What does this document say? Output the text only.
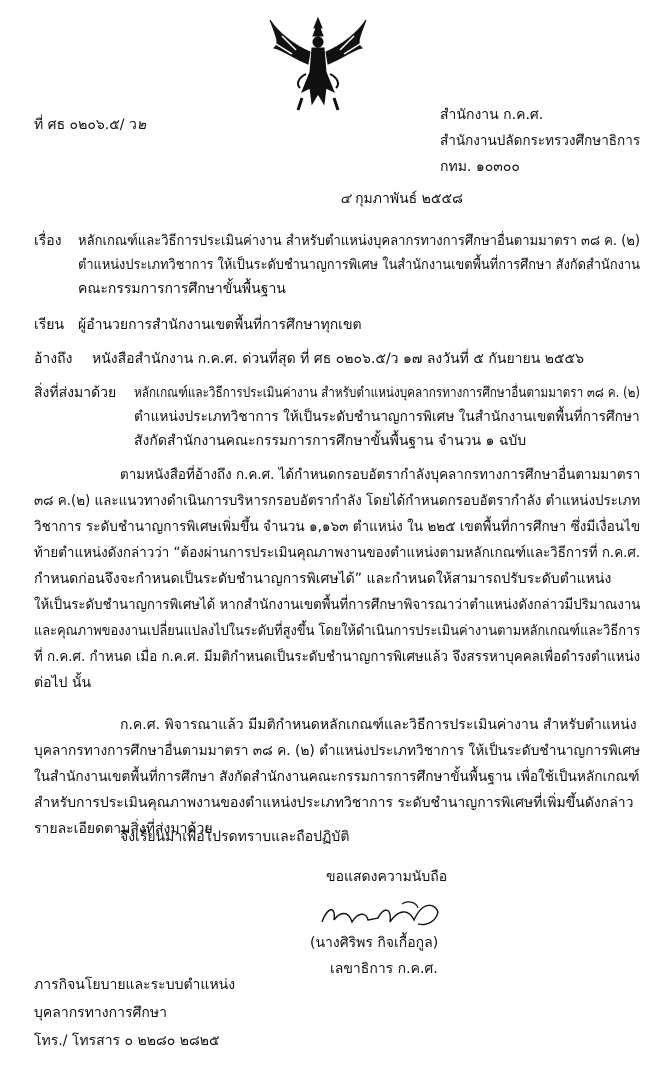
ที่ ศธ ๐๒๐๖.๕/ ว๒
สำนักงาน ก.ค.ศ.
สำนักงานปลัดกระทรวงศึกษาธิการ
กทม. ๑๐๓๐๐
๔ กุมภาพันธ์ ๒๕๕๘
เรื่อง หลักเกณฑ์และวิธีการประเมินค่างาน สำหรับตำแหน่งบุคลากรทางการศึกษาอื่นตามมาตรา ๓๘ ค. (๒)
ตำแหน่งประเภทวิชาการ ให้เป็นระดับชำนาญการพิเศษ ในสำนักงานเขตพื้นที่การศึกษา สังกัดสำนักงาน
คณะกรรมการการศึกษาขั้นพื้นฐาน
เรียน ผู้อำนวยการสำนักงานเขตพื้นที่การศึกษาทุกเขต
อ้างถึง หนังสือสำนักงาน ก.ค.ศ. ด่วนที่สุด ที่ ศธ ๐๒๐๖.๕/ว ๑๗ ลงวันที่ ๕ กันยายน ๒๕๕๖
สิ่งที่ส่งมาด้วย หลักเกณฑ์และวิธีการประเมินค่างาน สำหรับตำแหน่งบุคลากรทางการศึกษาอื่นตามมาตรา ๓๘ ค. (๒)
ตำแหน่งประเภทวิชาการ ให้เป็นระดับชำนาญการพิเศษ ในสำนักงานเขตพื้นที่การศึกษา
สังกัดสำนักงานคณะกรรมการการศึกษาขั้นพื้นฐาน จำนวน ๑ ฉบับ
ตามหนังสือที่อ้างถึง ก.ค.ศ. ได้กำหนดกรอบอัตรากำลังบุคลากรทางการศึกษาอื่นตามมาตรา
๓๘ ค.(๒) และแนวทางดำเนินการบริหารกรอบอัตรากำลัง โดยได้กำหนดกรอบอัตรากำลัง ตำแหน่งประเภท
วิชาการ ระดับชำนาญการพิเศษเพิ่มขึ้น จำนวน ๑,๑๖๓ ตำแหน่ง ใน ๒๒๕ เขตพื้นที่การศึกษา ซึ่งมีเงื่อนไข
ท้ายตำแหน่งดังกล่าวว่า “ต้องผ่านการประเมินคุณภาพงานของตำแหน่งตามหลักเกณฑ์และวิธีการที่ ก.ค.ศ.
กำหนดก่อนจึงจะกำหนดเป็นระดับชำนาญการพิเศษได้” และกำหนดให้สามารถปรับระดับตำแหน่ง
ให้เป็นระดับชำนาญการพิเศษได้ หากสำนักงานเขตพื้นที่การศึกษาพิจารณาว่าตำแหน่งดังกล่าวมีปริมาณงาน
และคุณภาพของงานเปลี่ยนแปลงไปในระดับที่สูงขึ้น โดยให้ดำเนินการประเมินค่างานตามหลักเกณฑ์และวิธีการ
ที่ ก.ค.ศ. กำหนด เมื่อ ก.ค.ศ. มีมติกำหนดเป็นระดับชำนาญการพิเศษแล้ว จึงสรรหาบุคคลเพื่อดำรงตำแหน่ง
ต่อไป นั้น
ก.ค.ศ. พิจารณาแล้ว มีมติกำหนดหลักเกณฑ์และวิธีการประเมินค่างาน สำหรับตำแหน่ง
บุคลากรทางการศึกษาอื่นตามมาตรา ๓๘ ค. (๒) ตำแหน่งประเภทวิชาการ ให้เป็นระดับชำนาญการพิเศษ
ในสำนักงานเขตพื้นที่การศึกษา สังกัดสำนักงานคณะกรรมการการศึกษาขั้นพื้นฐาน เพื่อใช้เป็นหลักเกณฑ์
สำหรับการประเมินคุณภาพงานของตำแหน่งประเภทวิชาการ ระดับชำนาญการพิเศษที่เพิ่มขึ้นดังกล่าว
รายละเอียดตามสิ่งที่ส่งมาด้วย
จึงเรียนมาเพื่อโปรดทราบและถือปฏิบัติ
ขอแสดงความนับถือ
(นางศิริพร กิจเกื้อกูล)
เลขาธิการ ก.ค.ศ.
ภารกิจนโยบายและระบบตำแหน่ง
บุคลากรทางการศึกษา
โทร./ โทรสาร ๐ ๒๒๘๐ ๒๘๒๕
